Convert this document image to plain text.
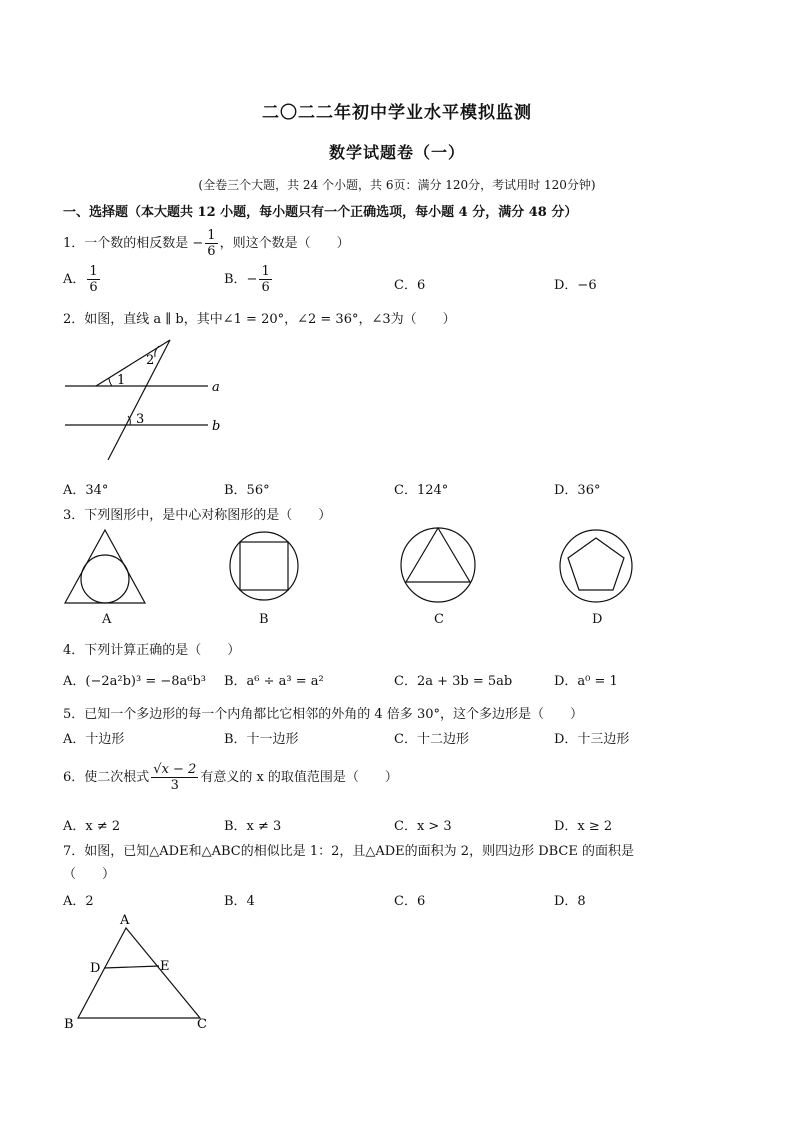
二〇二二年初中学业水平模拟监测
数学试题卷（一）
(全卷三个大题，共 24 个小题，共 6页：满分 120分，考试用时 120分钟)
一、选择题（本大题共 12 小题，每小题只有一个正确选项，每小题 4 分，满分 48 分）
1．一个数的相反数是 − $\frac{1}{6}$ ，则这个数是（　　）
A． $\frac{1}{6}$	B．− $\frac{1}{6}$	C．6	D．−6
2．如图，直线 a ∥ b，其中∠1 = 20°，∠2 = 36°，∠3为（　　）
1
2
3
a
b
A．34°	B．56°	C．124°	D．36°
3．下列图形中，是中心对称图形的是（　　）
A	B	C	D
4．下列计算正确的是（　　）
A．(−2a²b)³ = −8a⁶b³ B．a⁶ ÷ a³ = a²	C．2a + 3b = 5ab	D．a⁰ = 1
5．已知一个多边形的每一个内角都比它相邻的外角的 4 倍多 30°，这个多边形是（　　）
A．十边形	B．十一边形	C．十二边形	D．十三边形
6．使二次根式 $\frac{√x - 2}{3}$ 有意义的 x 的取值范围是（　　）
A．x ≠ 2	B．x ≠ 3	C．x > 3	D．x ≥ 2
7．如图，已知△ADE和△ABC的相似比是 1：2，且△ADE的面积为 2，则四边形 DBCE 的面积是
（　　）
A．2	B．4	C．6	D．8
A
B	C
D	E
